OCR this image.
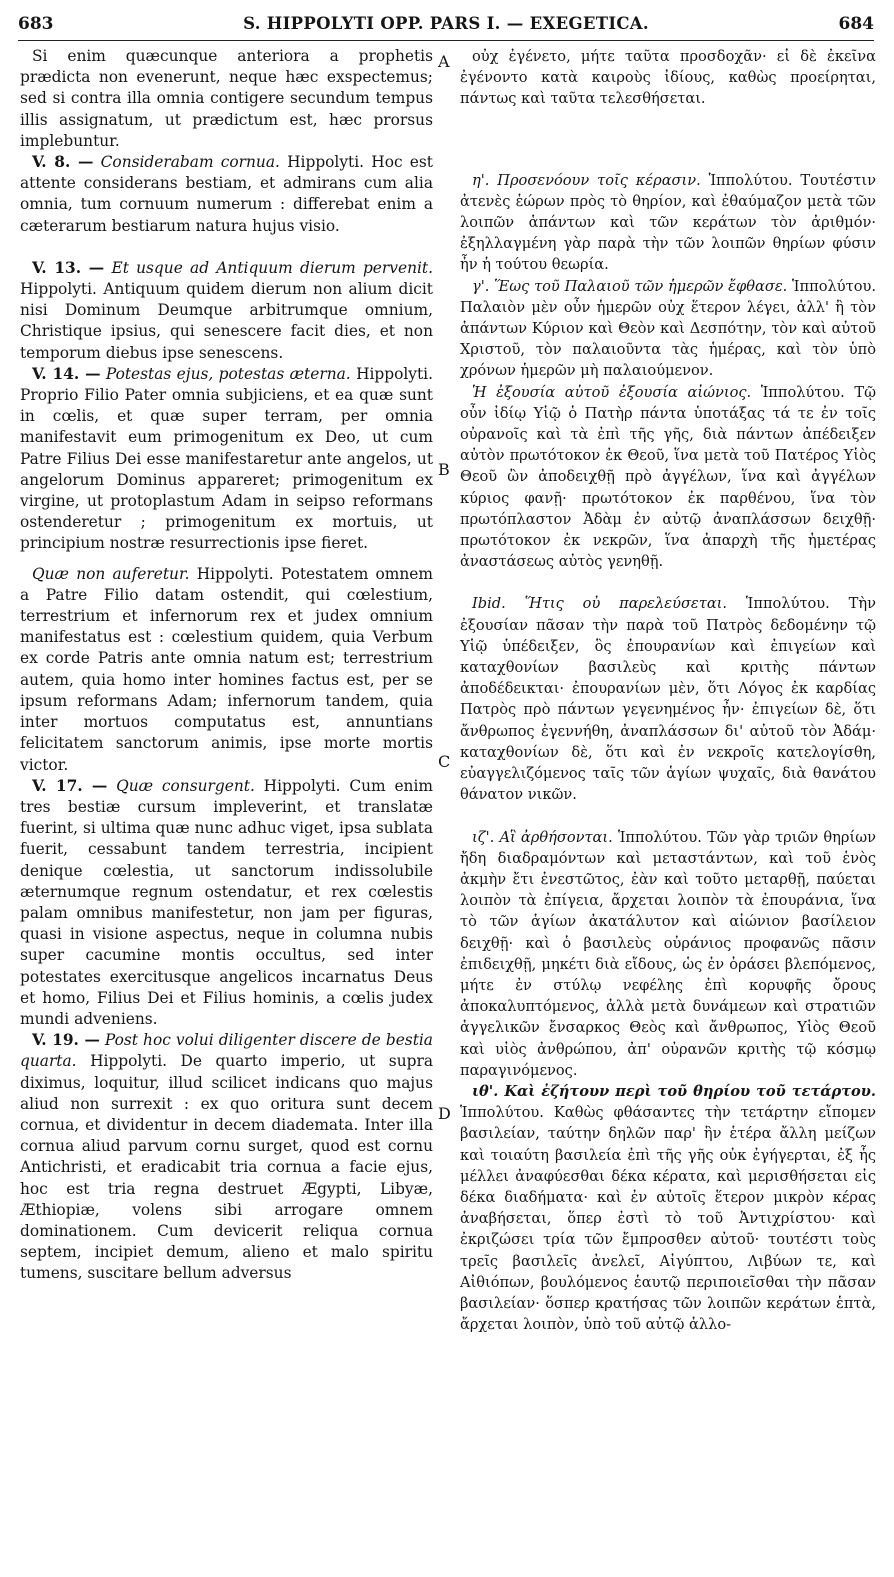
683	S. HIPPOLYTI OPP. PARS I. — EXEGETICA.	684
A
B
C
D

Si enim quæcunque anteriora a prophetis prædicta non evenerunt, neque hæc exspectemus; sed si contra illa omnia contigere secundum tempus illis assignatum, ut prædictum est, hæc prorsus implebuntur.

V. 8. — Considerabam cornua. Hippolyti. Hoc est attente considerans bestiam, et admirans cum alia omnia, tum cornuum numerum : differebat enim a cæterarum bestiarum natura hujus visio.

V. 13. — Et usque ad Antiquum dierum pervenit. Hippolyti. Antiquum quidem dierum non alium dicit nisi Dominum Deumque arbitrumque omnium, Christique ipsius, qui senescere facit dies, et non temporum diebus ipse senescens.

V. 14. — Potestas ejus, potestas æterna. Hippolyti. Proprio Filio Pater omnia subjiciens, et ea quæ sunt in cœlis, et quæ super terram, per omnia manifestavit eum primogenitum ex Deo, ut cum Patre Filius Dei esse manifestaretur ante angelos, ut angelorum Dominus appareret; primogenitum ex virgine, ut protoplastum Adam in seipso reformans ostenderetur ; primogenitum ex mortuis, ut principium nostræ resurrectionis ipse fieret.

Quæ non auferetur. Hippolyti. Potestatem omnem a Patre Filio datam ostendit, qui cœlestium, terrestrium et infernorum rex et judex omnium manifestatus est : cœlestium quidem, quia Verbum ex corde Patris ante omnia natum est; terrestrium autem, quia homo inter homines factus est, per se ipsum reformans Adam; infernorum tandem, quia inter mortuos computatus est, annuntians felicitatem sanctorum animis, ipse morte mortis victor.

V. 17. — Quæ consurgent. Hippolyti. Cum enim tres bestiæ cursum impleverint, et translatæ fuerint, si ultima quæ nunc adhuc viget, ipsa sublata fuerit, cessabunt tandem terrestria, incipient denique cœlestia, ut sanctorum indissolubile æternumque regnum ostendatur, et rex cœlestis palam omnibus manifestetur, non jam per figuras, quasi in visione aspectus, neque in columna nubis super cacumine montis occultus, sed inter potestates exercitusque angelicos incarnatus Deus et homo, Filius Dei et Filius hominis, a cœlis judex mundi adveniens.

V. 19. — Post hoc volui diligenter discere de bestia quarta. Hippolyti. De quarto imperio, ut supra diximus, loquitur, illud scilicet indicans quo majus aliud non surrexit : ex quo oritura sunt decem cornua, et dividentur in decem diademata. Inter illa cornua aliud parvum cornu surget, quod est cornu Antichristi, et eradicabit tria cornua a facie ejus, hoc est tria regna destruet Ægypti, Libyæ, Æthiopiæ, volens sibi arrogare omnem dominationem. Cum devicerit reliqua cornua septem, incipiet demum, alieno et malo spiritu tumens, suscitare bellum adversus

οὐχ ἐγένετο, μήτε ταῦτα προσδοχᾶν· εἰ δὲ ἐκεῖνα ἐγένοντο κατὰ καιροὺς ἰδίους, καθὼς προείρηται, πάντως καὶ ταῦτα τελεσθήσεται.

η'. Προσενόουν τοῖς κέρασιν. Ἱππολύτου. Τουτέστιν ἀτενὲς ἑώρων πρὸς τὸ θηρίον, καὶ ἐθαύμαζον μετὰ τῶν λοιπῶν ἁπάντων καὶ τῶν κεράτων τὸν ἀριθμόν· ἐξηλλαγμένη γὰρ παρὰ τὴν τῶν λοιπῶν θηρίων φύσιν ἦν ἡ τούτου θεωρία.

γ'. Ἕως τοῦ Παλαιοῦ τῶν ἡμερῶν ἔφθασε. Ἱππολύτου. Παλαιὸν μὲν οὖν ἡμερῶν οὐχ ἕτερον λέγει, ἀλλ' ἢ τὸν ἁπάντων Κύριον καὶ Θεὸν καὶ Δεσπότην, τὸν καὶ αὐτοῦ Χριστοῦ, τὸν παλαιοῦντα τὰς ἡμέρας, καὶ τὸν ὑπὸ χρόνων ἡμερῶν μὴ παλαιούμενον.

Ἡ ἐξουσία αὐτοῦ ἐξουσία αἰώνιος. Ἱππολύτου. Τῷ οὖν ἰδίῳ Υἱῷ ὁ Πατὴρ πάντα ὑποτάξας τά τε ἐν τοῖς οὐρανοῖς καὶ τὰ ἐπὶ τῆς γῆς, διὰ πάντων ἀπέδειξεν αὐτὸν πρωτότοκον ἐκ Θεοῦ, ἵνα μετὰ τοῦ Πατέρος Υἱὸς Θεοῦ ὢν ἀποδειχθῇ πρὸ ἀγγέλων, ἵνα καὶ ἀγγέλων κύριος φανῇ· πρωτότοκον ἐκ παρθένου, ἵνα τὸν πρωτόπλαστον Ἀδὰμ ἐν αὐτῷ ἀναπλάσσων δειχθῇ· πρωτότοκον ἐκ νεκρῶν, ἵνα ἀπαρχὴ τῆς ἡμετέρας ἀναστάσεως αὐτὸς γενηθῇ.

Ibid. Ἥτις οὐ παρελεύσεται. Ἱππολύτου. Τὴν ἐξουσίαν πᾶσαν τὴν παρὰ τοῦ Πατρὸς δεδομένην τῷ Υἱῷ ὑπέδειξεν, ὃς ἐπουρανίων καὶ ἐπιγείων καὶ καταχθονίων βασιλεὺς καὶ κριτὴς πάντων ἀποδέδεικται· ἐπουρανίων μὲν, ὅτι Λόγος ἐκ καρδίας Πατρὸς πρὸ πάντων γεγενημένος ἦν· ἐπιγείων δὲ, ὅτι ἄνθρωπος ἐγεννήθη, ἀναπλάσσων δι' αὐτοῦ τὸν Ἀδάμ· καταχθονίων δὲ, ὅτι καὶ ἐν νεκροῖς κατελογίσθη, εὐαγγελιζόμενος ταῖς τῶν ἁγίων ψυχαῖς, διὰ θανάτου θάνατον νικῶν.

ιζ'. Αἳ ἀρθήσονται. Ἱππολύτου. Τῶν γὰρ τριῶν θηρίων ἤδη διαδραμόντων καὶ μεταστάντων, καὶ τοῦ ἑνὸς ἀκμὴν ἔτι ἐνεστῶτος, ἐὰν καὶ τοῦτο μεταρθῇ, παύεται λοιπὸν τὰ ἐπίγεια, ἄρχεται λοιπὸν τὰ ἐπουράνια, ἵνα τὸ τῶν ἁγίων ἀκατάλυτον καὶ αἰώνιον βασίλειον δειχθῇ· καὶ ὁ βασιλεὺς οὐράνιος προφανῶς πᾶσιν ἐπιδειχθῇ, μηκέτι διὰ εἴδους, ὡς ἐν ὁράσει βλεπόμενος, μήτε ἐν στύλῳ νεφέλης ἐπὶ κορυφῆς ὄρους ἀποκαλυπτόμενος, ἀλλὰ μετὰ δυνάμεων καὶ στρατιῶν ἀγγελικῶν ἔνσαρκος Θεὸς καὶ ἄνθρωπος, Υἱὸς Θεοῦ καὶ υἱὸς ἀνθρώπου, ἀπ' οὐρανῶν κριτὴς τῷ κόσμῳ παραγινόμενος.

ιθ'. Καὶ ἐζήτουν περὶ τοῦ θηρίου τοῦ τετάρτου. Ἱππολύτου. Καθὼς φθάσαντες τὴν τετάρτην εἴπομεν βασιλείαν, ταύτην δηλῶν παρ' ἣν ἑτέρα ἄλλη μείζων καὶ τοιαύτη βασιλεία ἐπὶ τῆς γῆς οὐκ ἐγήγερται, ἐξ ἧς μέλλει ἀναφύεσθαι δέκα κέρατα, καὶ μερισθήσεται εἰς δέκα διαδήματα· καὶ ἐν αὐτοῖς ἕτερον μικρὸν κέρας ἀναβήσεται, ὅπερ ἐστὶ τὸ τοῦ Ἀντιχρίστου· καὶ ἐκριζώσει τρία τῶν ἔμπροσθεν αὐτοῦ· τουτέστι τοὺς τρεῖς βασιλεῖς ἀνελεῖ, Αἰγύπτου, Λιβύων τε, καὶ Αἰθιόπων, βουλόμενος ἑαυτῷ περιποιεῖσθαι τὴν πᾶσαν βασιλείαν· ὅσπερ κρατήσας τῶν λοιπῶν κεράτων ἑπτὰ, ἄρχεται λοιπὸν, ὑπὸ τοῦ αὐτῷ ἀλλο-
